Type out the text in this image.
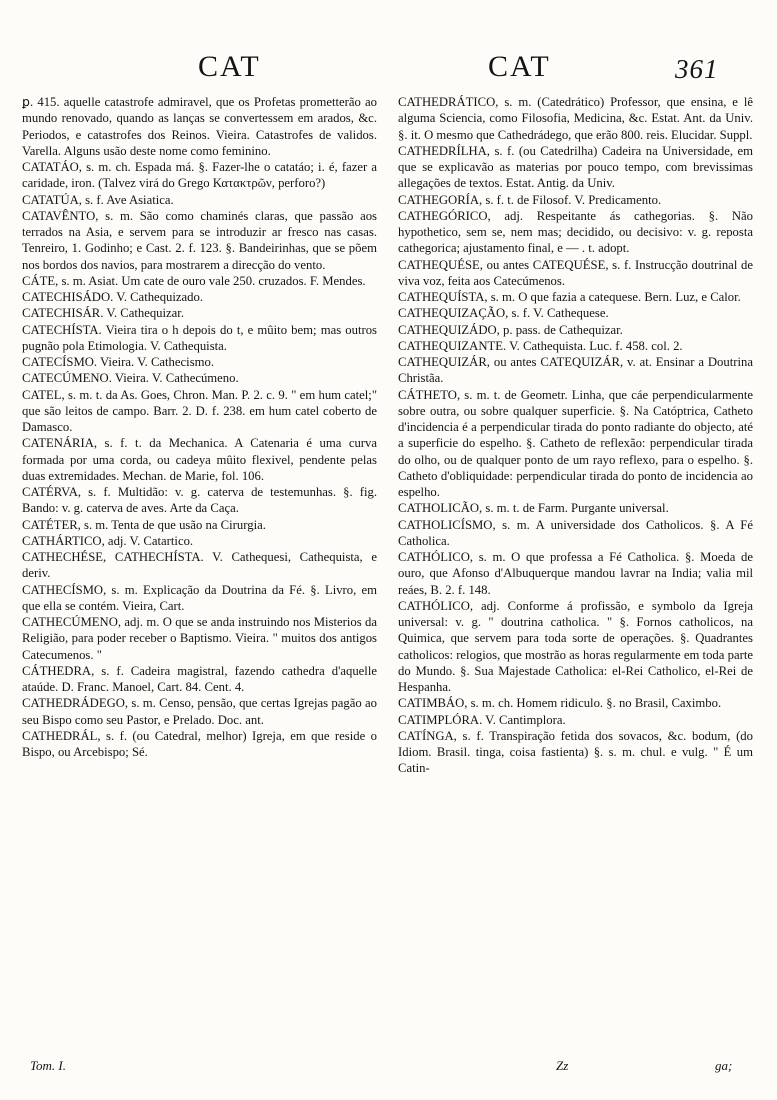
CAT	CAT	361

ꝑ. 415. aquelle catastrofe admiravel, que os Profetas prometterão ao mundo renovado, quando as lanças se convertessem em arados, &c. Periodos, e catastrofes dos Reinos. Vieira. Catastrofes de validos. Varella. Alguns usão deste nome como feminino.

CATATÁO, s. m. ch. Espada má. §. Fazer-lhe o catatáo; i. é, fazer a caridade, iron. (Talvez virá do Grego Κατακτρῶν, perforo?)

CATATÚA, s. f. Ave Asiatica.

CATAVÊNTO, s. m. São como chaminés claras, que passão aos terrados na Asia, e servem para se introduzir ar fresco nas casas. Tenreiro, 1. Godinho; e Cast. 2. f. 123. §. Bandeirinhas, que se põem nos bordos dos navios, para mostrarem a direcção do vento.

CÁTE, s. m. Asiat. Um cate de ouro vale 250. cruzados. F. Mendes.

CATECHISÁDO. V. Cathequizado.

CATECHISÁR. V. Cathequizar.

CATECHÍSTA. Vieira tira o h depois do t, e mûito bem; mas outros pugnão pola Etimologia. V. Cathequista.

CATECÍSMO. Vieira. V. Cathecismo.

CATECÚMENO. Vieira. V. Cathecúmeno.

CATEL, s. m. t. da As. Goes, Chron. Man. P. 2. c. 9. " em hum catel;" que são leitos de campo. Barr. 2. D. f. 238. em hum catel coberto de Damasco.

CATENÁRIA, s. f. t. da Mechanica. A Catenaria é uma curva formada por uma corda, ou cadeya mûito flexivel, pendente pelas duas extremidades. Mechan. de Marie, fol. 106.

CATÉRVA, s. f. Multidão: v. g. caterva de testemunhas. §. fig. Bando: v. g. caterva de aves. Arte da Caça.

CATÉTER, s. m. Tenta de que usão na Cirurgia.

CATHÁRTICO, adj. V. Catartico.

CATHECHÉSE, CATHECHÍSTA. V. Cathequesi, Cathequista, e deriv.

CATHECÍSMO, s. m. Explicação da Doutrina da Fé. §. Livro, em que ella se contém. Vieira, Cart.

CATHECÚMENO, adj. m. O que se anda instruindo nos Misterios da Religião, para poder receber o Baptismo. Vieira. " muitos dos antigos Catecumenos. "

CÁTHEDRA, s. f. Cadeira magistral, fazendo cathedra d'aquelle ataúde. D. Franc. Manoel, Cart. 84. Cent. 4.

CATHEDRÁDEGO, s. m. Censo, pensão, que certas Igrejas pagão ao seu Bispo como seu Pastor, e Prelado. Doc. ant.

CATHEDRÁL, s. f. (ou Catedral, melhor) Igreja, em que reside o Bispo, ou Arcebispo; Sé.

CATHEDRÁTICO, s. m. (Catedrático) Professor, que ensina, e lê alguma Sciencia, como Filosofia, Medicina, &c. Estat. Ant. da Univ. §. it. O mesmo que Cathedrádego, que erão 800. reis. Elucidar. Suppl.

CATHEDRÍLHA, s. f. (ou Catedrilha) Cadeira na Universidade, em que se explicavão as materias por pouco tempo, com brevissimas allegações de textos. Estat. Antig. da Univ.

CATHEGORÍA, s. f. t. de Filosof. V. Predicamento.

CATHEGÓRICO, adj. Respeitante ás cathegorias. §. Não hypothetico, sem se, nem mas; decidido, ou decisivo: v. g. reposta cathegorica; ajustamento final, e — . t. adopt.

CATHEQUÉSE, ou antes CATEQUÉSE, s. f. Instrucção doutrinal de viva voz, feita aos Catecúmenos.

CATHEQUÍSTA, s. m. O que fazia a catequese. Bern. Luz, e Calor.

CATHEQUIZAÇÃO, s. f. V. Cathequese.

CATHEQUIZÁDO, p. pass. de Cathequizar.

CATHEQUIZANTE. V. Cathequista. Luc. f. 458. col. 2.

CATHEQUIZÁR, ou antes CATEQUIZÁR, v. at. Ensinar a Doutrina Christãa.

CÁTHETO, s. m. t. de Geometr. Linha, que cáe perpendicularmente sobre outra, ou sobre qualquer superficie. §. Na Catóptrica, Catheto d'incidencia é a perpendicular tirada do ponto radiante do objecto, até a superficie do espelho. §. Catheto de reflexão: perpendicular tirada do olho, ou de qualquer ponto de um rayo reflexo, para o espelho. §. Catheto d'obliquidade: perpendicular tirada do ponto de incidencia ao espelho.

CATHOLICÃO, s. m. t. de Farm. Purgante universal.

CATHOLICÍSMO, s. m. A universidade dos Catholicos. §. A Fé Catholica.

CATHÓLICO, s. m. O que professa a Fé Catholica. §. Moeda de ouro, que Afonso d'Albuquerque mandou lavrar na India; valia mil reáes, B. 2. f. 148.

CATHÓLICO, adj. Conforme á profissão, e symbolo da Igreja universal: v. g. " doutrina catholica. " §. Fornos catholicos, na Quimica, que servem para toda sorte de operações. §. Quadrantes catholicos: relogios, que mostrão as horas regularmente em toda parte do Mundo. §. Sua Majestade Catholica: el-Rei Catholico, el-Rei de Hespanha.

CATIMBÁO, s. m. ch. Homem ridiculo. §. no Brasil, Caximbo.

CATIMPLÓRA. V. Cantimplora.

CATÍNGA, s. f. Transpiração fetida dos sovacos, &c. bodum, (do Idiom. Brasil. tinga, coisa fastienta) §. s. m. chul. e vulg. " É um Catin-

Tom. I.	Zz	ga;
